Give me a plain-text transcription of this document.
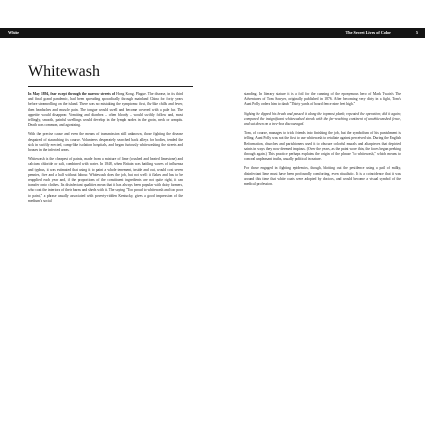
White	The Secret Lives of Color	5
Whitewash

In May 1894, fear swept through the narrow streets of Hong Kong. Plague. The disease, in its third and final grand pandemic, had been spreading sporadically through mainland China for forty years before steamrolling on the island. There was no mistaking the symptoms: first, flu-like chills and fever, then headaches and muscle pain. The tongue would swell and become covered with a pale fur. The appetite would disappear. Vomiting and diarrhea – often bloody – would swiftly follow and, most tellingly, smooth, painful swellings would develop in the lymph nodes in the groin, neck or armpits. Death was common, and agonizing.

With the precise cause and even the means of transmission still unknown, those fighting the disease despaired of staunching its course. Volunteers desperately searched back alleys for bodies, tended the sick in swiftly erected, camp-like isolation hospitals, and began furiously whitewashing the streets and houses in the infected areas.

Whitewash is the cheapest of paints, made from a mixture of lime (crushed and heated limestone) and calcium chloride or salt, combined with water. In 1848, when Britain was battling waves of influenza and typhus, it was estimated that using it to paint a whole tenement, inside and out, would cost seven pennies, five and a half without labour. Whitewash does the job, but not well: it flakes and has to be reapplied each year and, if the proportions of the constituent ingredients are not quite right, it can transfer onto clothes. Its disinfectant qualities mean that it has always been popular with dairy farmers, who coat the interiors of their barns and sheds with it. The saying "Too proud to whitewash and too poor to paint," a phrase usually associated with poverty-ridden Kentucky, gives a good impression of the medium's social

standing. In literary stature it is a foil for the cunning of the eponymous hero of Mark Twain's The Adventures of Tom Sawyer, originally published in 1876. After becoming very dirty in a fight, Tom's Aunt Polly orders him to daub "Thirty yards of board fence nine feet high."

Sighing he dipped his brush and passed it along the topmost plank; repeated the operation; did it again; compared the insignificant whitewashed streak with the far-reaching continent of unwhitewashed fence, and sat down on a tree-box discouraged.

Tom, of course, manages to trick friends into finishing the job, but the symbolism of his punishment is telling. Aunt Polly was not the first to use whitewash to retaliate against perceived sin. During the English Reformation, churches and parishioners used it to obscure colorful murals and altarpieces that depicted saints in ways they now deemed impious. (Over the years, as the paint wore thin, the faces began peeking through again.) This practice perhaps explains the origin of the phrase "to whitewash," which means to conceal unpleasant truths, usually political in nature.

For those engaged in fighting epidemics, though, blotting out the pestilence using a pail of milky, disinfectant lime must have been profoundly comforting, even ritualistic. It is a coincidence that it was around this time that white coats were adopted by doctors, and would become a visual symbol of the medical profession.
